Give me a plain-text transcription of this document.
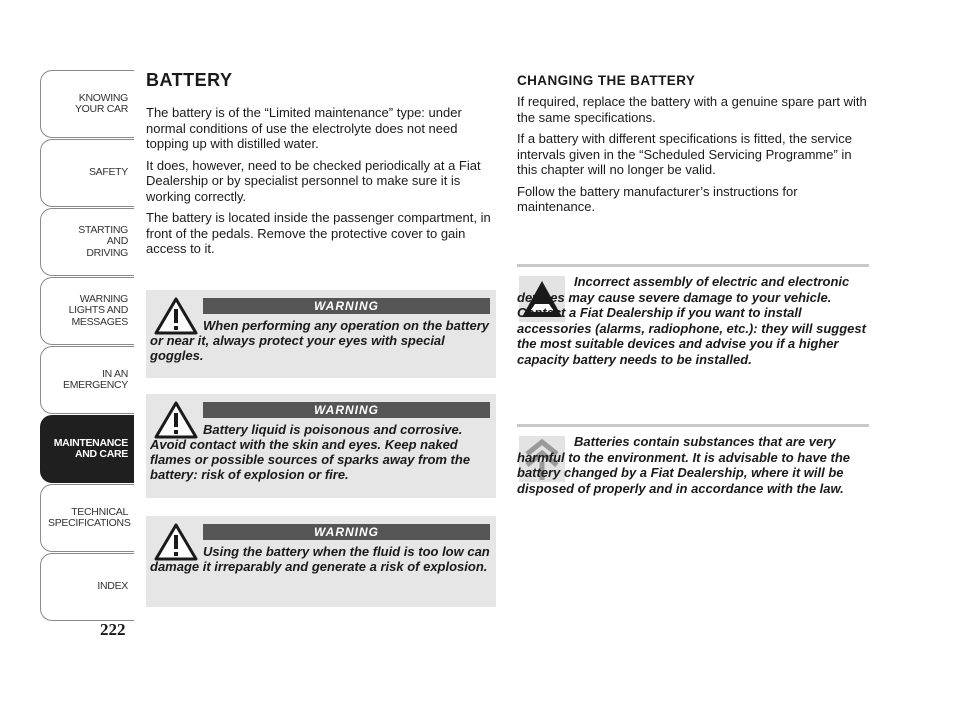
KNOWING YOUR CAR
SAFETY
STARTING AND DRIVING
WARNING LIGHTS AND MESSAGES
IN AN EMERGENCY
MAINTENANCE AND CARE
TECHNICAL SPECIFICATIONS
INDEX
222
BATTERY

The battery is of the “Limited maintenance” type: under normal conditions of use the electrolyte does not need topping up with distilled water.

It does, however, need to be checked periodically at a Fiat Dealership or by specialist personnel to make sure it is working correctly.

The battery is located inside the passenger compartment, in front of the pedals. Remove the protective cover to gain access to it.

WARNING
When performing any operation on the battery or near it, always protect your eyes with special goggles.
WARNING
Battery liquid is poisonous and corrosive. Avoid contact with the skin and eyes. Keep naked flames or possible sources of sparks away from the battery: risk of explosion or fire.
WARNING
Using the battery when the fluid is too low can damage it irreparably and generate a risk of explosion.
CHANGING THE BATTERY

If required, replace the battery with a genuine spare part with the same specifications.

If a battery with different specifications is fitted, the service intervals given in the “Scheduled Servicing Programme” in this chapter will no longer be valid.

Follow the battery manufacturer’s instructions for maintenance.

Incorrect assembly of electric and electronic devices may cause severe damage to your vehicle. Contact a Fiat Dealership if you want to install accessories (alarms, radiophone, etc.): they will suggest the most suitable devices and advise you if a higher capacity battery needs to be installed.
Batteries contain substances that are very harmful to the environment. It is advisable to have the battery changed by a Fiat Dealership, where it will be disposed of properly and in accordance with the law.
